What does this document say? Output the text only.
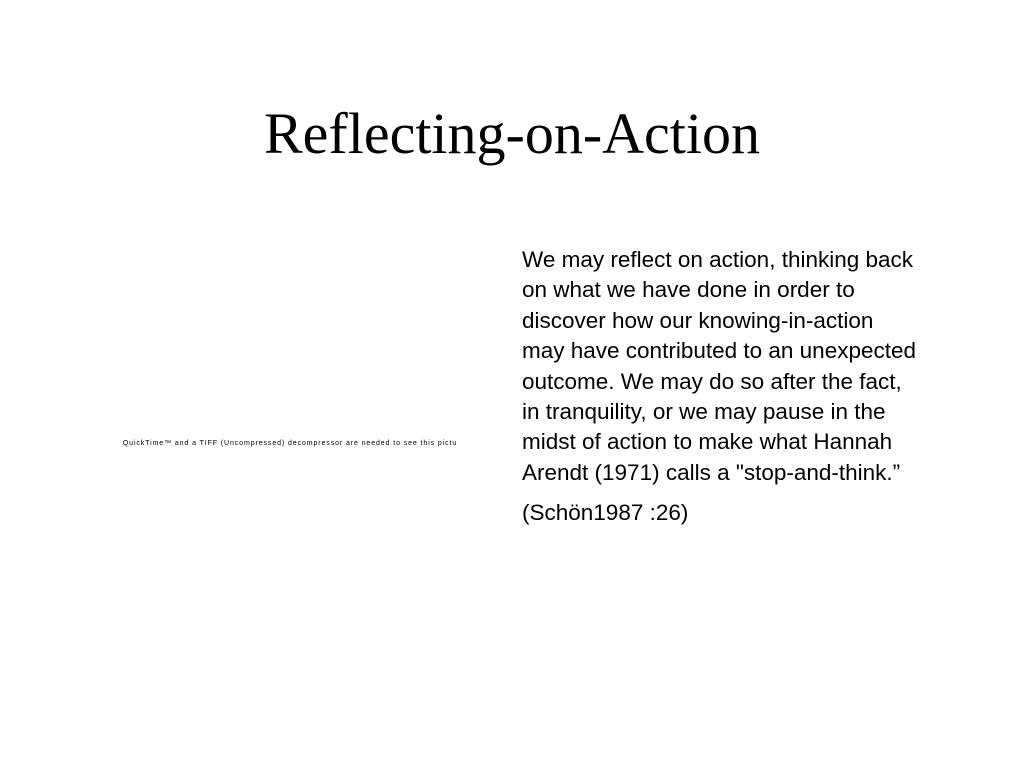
Reflecting-on-Action
QuickTime™ and a TIFF (Uncompressed) decompressor are needed to see this pictu

We may reflect on action, thinking back on what we have done in order to discover how our knowing-in-action may have contributed to an unexpected outcome. We may do so after the fact, in tranquility, or we may pause in the midst of action to make what Hannah Arendt (1971) calls a "stop-and-think.”

(Schön1987 :26)
